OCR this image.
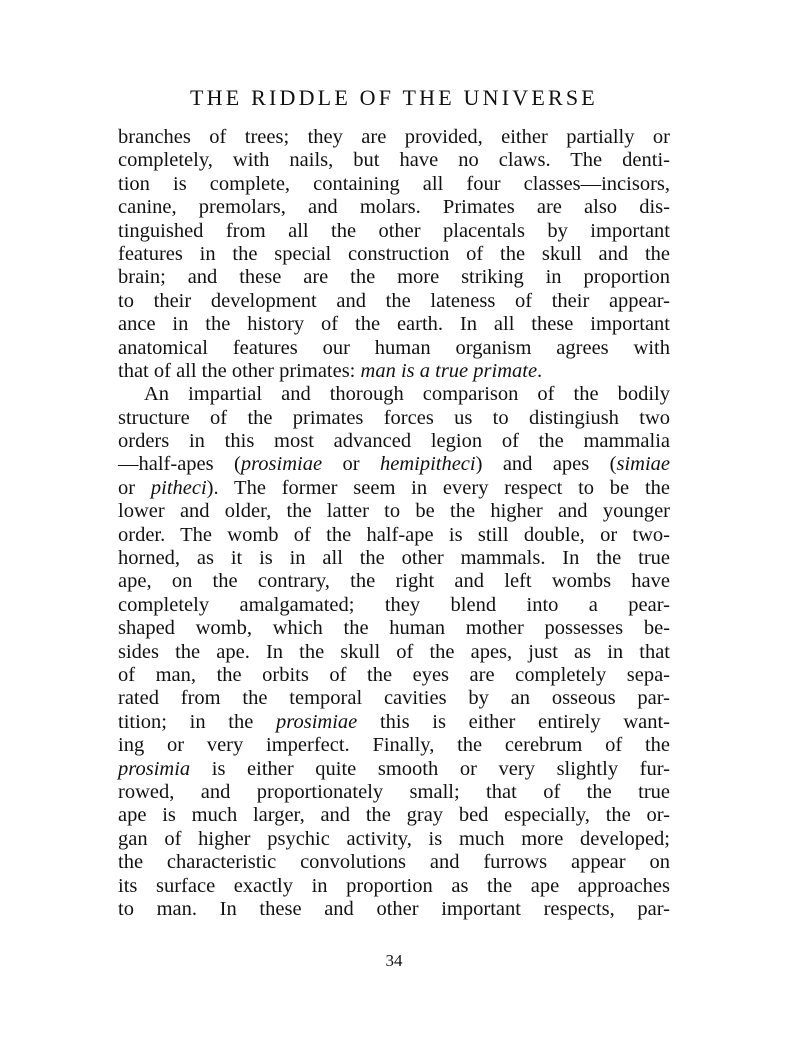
THE RIDDLE OF THE UNIVERSE
branches of trees; they are provided, either partially or
completely, with nails, but have no claws. The denti-
tion is complete, containing all four classes—incisors,
canine, premolars, and molars. Primates are also dis-
tinguished from all the other placentals by important
features in the special construction of the skull and the
brain; and these are the more striking in proportion
to their development and the lateness of their appear-
ance in the history of the earth. In all these important
anatomical features our human organism agrees with
that of all the other primates: man is a true primate.
An impartial and thorough comparison of the bodily
structure of the primates forces us to distingiush two
orders in this most advanced legion of the mammalia
—half-apes (prosimiae or hemipitheci) and apes (simiae
or pitheci). The former seem in every respect to be the
lower and older, the latter to be the higher and younger
order. The womb of the half-ape is still double, or two-
horned, as it is in all the other mammals. In the true
ape, on the contrary, the right and left wombs have
completely amalgamated; they blend into a pear-
shaped womb, which the human mother possesses be-
sides the ape. In the skull of the apes, just as in that
of man, the orbits of the eyes are completely sepa-
rated from the temporal cavities by an osseous par-
tition; in the prosimiae this is either entirely want-
ing or very imperfect. Finally, the cerebrum of the
prosimia is either quite smooth or very slightly fur-
rowed, and proportionately small; that of the true
ape is much larger, and the gray bed especially, the or-
gan of higher psychic activity, is much more developed;
the characteristic convolutions and furrows appear on
its surface exactly in proportion as the ape approaches
to man. In these and other important respects, par-
34
